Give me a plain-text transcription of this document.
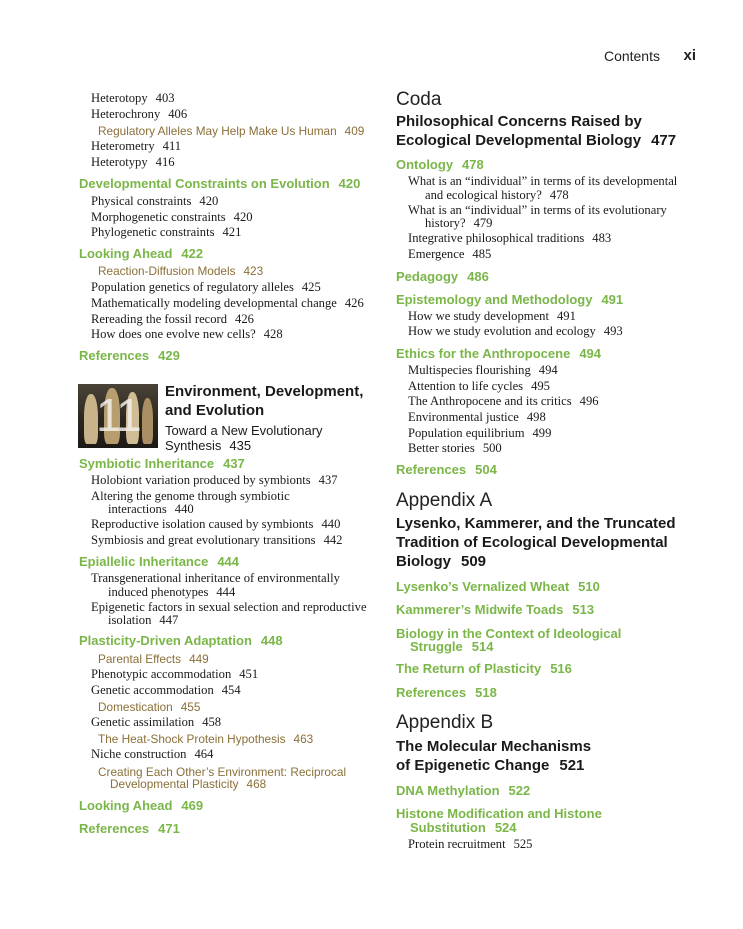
Contents xi
Heterotopy 403
Heterochrony 406
Regulatory Alleles May Help Make Us Human 409
Heterometry 411
Heterotypy 416
Developmental Constraints on Evolution 420
Physical constraints 420
Morphogenetic constraints 420
Phylogenetic constraints 421
Looking Ahead 422
Reaction-Diffusion Models 423
Population genetics of regulatory alleles 425
Mathematically modeling developmental change 426
Rereading the fossil record 426
How does one evolve new cells? 428
References 429
11 Environment, Development,
and Evolution
Toward a New Evolutionary
Synthesis 435
Symbiotic Inheritance 437
Holobiont variation produced by symbionts 437
Altering the genome through symbiotic
interactions 440
Reproductive isolation caused by symbionts 440
Symbiosis and great evolutionary transitions 442
Epiallelic Inheritance 444
Transgenerational inheritance of environmentally
induced phenotypes 444
Epigenetic factors in sexual selection and reproductive
isolation 447
Plasticity-Driven Adaptation 448
Parental Effects 449
Phenotypic accommodation 451
Genetic accommodation 454
Domestication 455
Genetic assimilation 458
The Heat-Shock Protein Hypothesis 463
Niche construction 464
Creating Each Other’s Environment: Reciprocal
Developmental Plasticity 468
Looking Ahead 469
References 471
Coda
Philosophical Concerns Raised by
Ecological Developmental Biology 477
Ontology 478
What is an “individual” in terms of its developmental
and ecological history? 478
What is an “individual” in terms of its evolutionary
history? 479
Integrative philosophical traditions 483
Emergence 485
Pedagogy 486
Epistemology and Methodology 491
How we study development 491
How we study evolution and ecology 493
Ethics for the Anthropocene 494
Multispecies flourishing 494
Attention to life cycles 495
The Anthropocene and its critics 496
Environmental justice 498
Population equilibrium 499
Better stories 500
References 504
Appendix A
Lysenko, Kammerer, and the Truncated
Tradition of Ecological Developmental
Biology 509
Lysenko’s Vernalized Wheat 510
Kammerer’s Midwife Toads 513
Biology in the Context of Ideological
Struggle 514
The Return of Plasticity 516
References 518
Appendix B
The Molecular Mechanisms
of Epigenetic Change 521
DNA Methylation 522
Histone Modification and Histone
Substitution 524
Protein recruitment 525
